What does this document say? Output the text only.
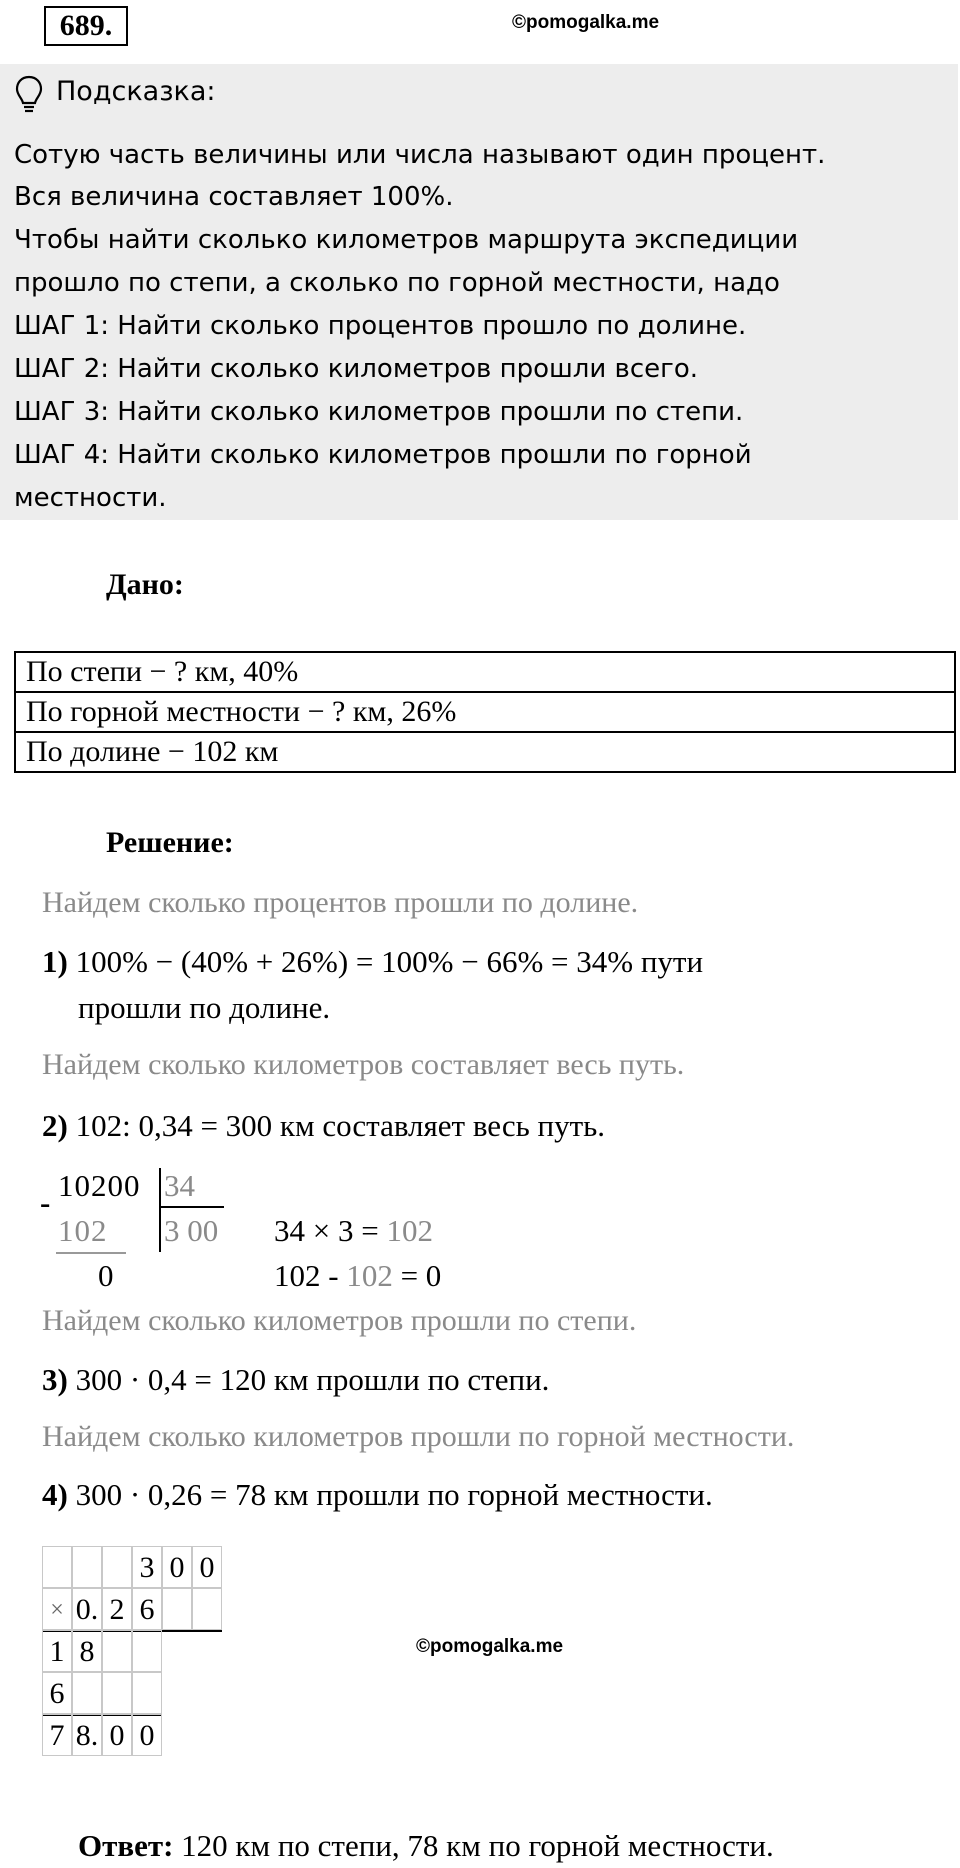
689.	©pomogalka.me
Подсказка:
Сотую часть величины или числа называют один процент.
Вся величина составляет 100%.
Чтобы найти сколько километров маршрута экспедиции
прошло по степи, а сколько по горной местности, надо
ШАГ 1: Найти сколько процентов прошло по долине.
ШАГ 2: Найти сколько километров прошли всего.
ШАГ 3: Найти сколько километров прошли по степи.
ШАГ 4: Найти сколько километров прошли по горной
местности.
Дано:
По степи − ? км, 40%
По горной местности − ? км, 26%
По долине − 102 км
Решение:
Найдем сколько процентов прошли по долине.
1) 100% − (40% + 26%) = 100% − 66% = 34% пути
прошли по долине.
Найдем сколько километров составляет весь путь.
2) 102: 0,34 = 300 км составляет весь путь.
- 10200 34
102 3 00
0
34 × 3 = 102
102 - 102 = 0
Найдем сколько километров прошли по степи.
3) 300 · 0,4 = 120 км прошли по степи.
Найдем сколько километров прошли по горной местности.
4) 300 · 0,26 = 78 км прошли по горной местности.
3 0 0
× 0. 2 6
1 8
6
7 8. 0 0
©pomogalka.me
Ответ: 120 км по степи, 78 км по горной местности.
